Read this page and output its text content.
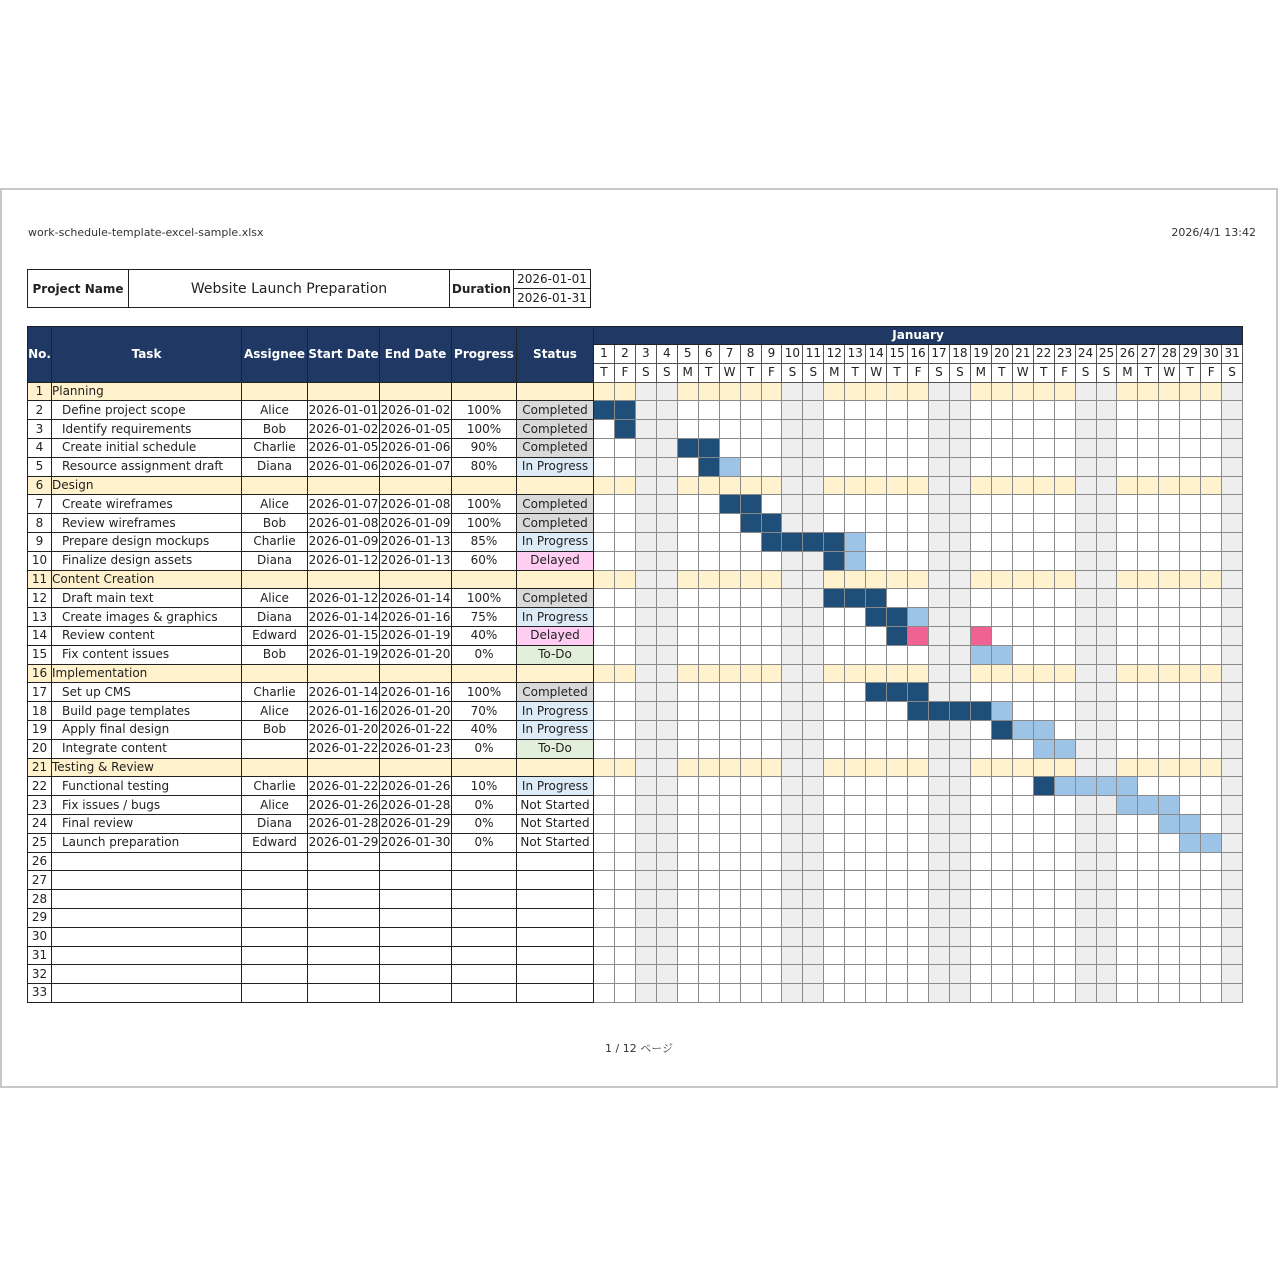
work-schedule-template-excel-sample.xlsx	2026/4/1 13:42
Project Name	Website Launch Preparation	Duration	2026-01-01
2026-01-31
No.	Task	Assignee	Start Date	End Date	Progress	Status	January																														
							1	2	3	4	5	6	7	8	9	10	11	12	13	14	15	16	17	18	19	20	21	22	23	24	25	26	27	28	29	30	31
							T	F	S	S	M	T	W	T	F	S	S	M	T	W	T	F	S	S	M	T	W	T	F	S	S	M	T	W	T	F	S
1	Planning																																				
2	Define project scope	Alice	2026-01-01	2026-01-02	100%	Completed																															
3	Identify requirements	Bob	2026-01-02	2026-01-05	100%	Completed																															
4	Create initial schedule	Charlie	2026-01-05	2026-01-06	90%	Completed																															
5	Resource assignment draft	Diana	2026-01-06	2026-01-07	80%	In Progress																															
6	Design																																				
7	Create wireframes	Alice	2026-01-07	2026-01-08	100%	Completed																															
8	Review wireframes	Bob	2026-01-08	2026-01-09	100%	Completed																															
9	Prepare design mockups	Charlie	2026-01-09	2026-01-13	85%	In Progress																															
10	Finalize design assets	Diana	2026-01-12	2026-01-13	60%	Delayed																															
11	Content Creation																																				
12	Draft main text	Alice	2026-01-12	2026-01-14	100%	Completed																															
13	Create images & graphics	Diana	2026-01-14	2026-01-16	75%	In Progress																															
14	Review content	Edward	2026-01-15	2026-01-19	40%	Delayed																															
15	Fix content issues	Bob	2026-01-19	2026-01-20	0%	To-Do																															
16	Implementation																																				
17	Set up CMS	Charlie	2026-01-14	2026-01-16	100%	Completed																															
18	Build page templates	Alice	2026-01-16	2026-01-20	70%	In Progress																															
19	Apply final design	Bob	2026-01-20	2026-01-22	40%	In Progress																															
20	Integrate content		2026-01-22	2026-01-23	0%	To-Do																															
21	Testing & Review																																				
22	Functional testing	Charlie	2026-01-22	2026-01-26	10%	In Progress																															
23	Fix issues / bugs	Alice	2026-01-26	2026-01-28	0%	Not Started																															
24	Final review	Diana	2026-01-28	2026-01-29	0%	Not Started																															
25	Launch preparation	Edward	2026-01-29	2026-01-30	0%	Not Started																															
26																																					
27																																					
28																																					
29																																					
30																																					
31																																					
32																																					
33																																					
1 / 12 ページ
